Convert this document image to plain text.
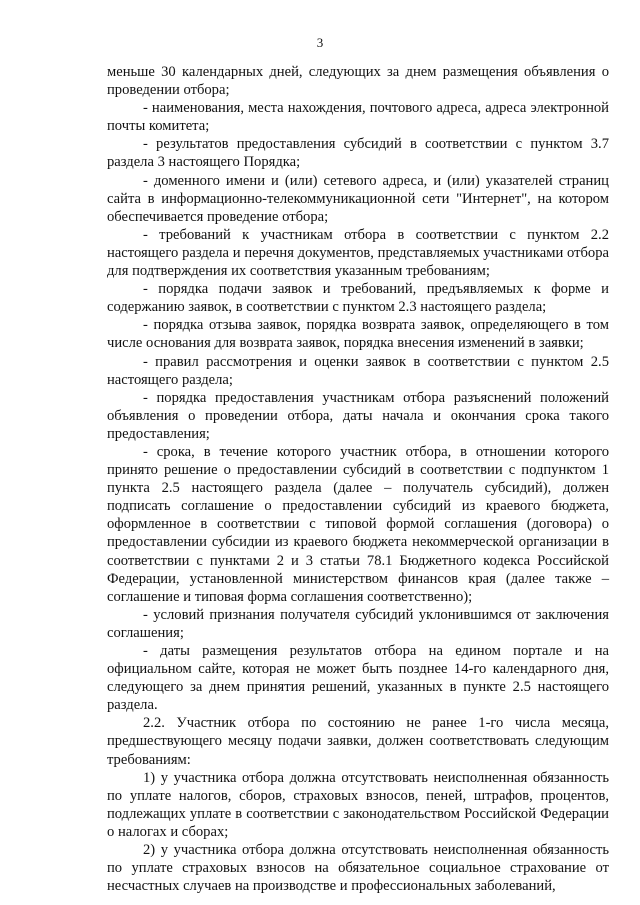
3

меньше 30 календарных дней, следующих за днем размещения объявления о проведении отбора;

- наименования, места нахождения, почтового адреса, адреса электронной почты комитета;

- результатов предоставления субсидий в соответствии с пунктом 3.7 раздела 3 настоящего Порядка;

- доменного имени и (или) сетевого адреса, и (или) указателей страниц сайта в информационно-телекоммуникационной сети "Интернет", на котором обеспечивается проведение отбора;

- требований к участникам отбора в соответствии с пунктом 2.2 настоящего раздела и перечня документов, представляемых участниками отбора для подтверждения их соответствия указанным требованиям;

- порядка подачи заявок и требований, предъявляемых к форме и содержанию заявок, в соответствии с пунктом 2.3 настоящего раздела;

- порядка отзыва заявок, порядка возврата заявок, определяющего в том числе основания для возврата заявок, порядка внесения изменений в заявки;

- правил рассмотрения и оценки заявок в соответствии с пунктом 2.5 настоящего раздела;

- порядка предоставления участникам отбора разъяснений положений объявления о проведении отбора, даты начала и окончания срока такого предоставления;

- срока, в течение которого участник отбора, в отношении которого принято решение о предоставлении субсидий в соответствии с подпунктом 1 пункта 2.5 настоящего раздела (далее – получатель субсидий), должен подписать соглашение о предоставлении субсидий из краевого бюджета, оформленное в соответствии с типовой формой соглашения (договора) о предоставлении субсидии из краевого бюджета некоммерческой организации в соответствии с пунктами 2 и 3 статьи 78.1 Бюджетного кодекса Российской Федерации, установленной министерством финансов края (далее также – соглашение и типовая форма соглашения соответственно);

- условий признания получателя субсидий уклонившимся от заключения соглашения;

- даты размещения результатов отбора на едином портале и на официальном сайте, которая не может быть позднее 14-го календарного дня, следующего за днем принятия решений, указанных в пункте 2.5 настоящего раздела.

2.2. Участник отбора по состоянию не ранее 1-го числа месяца, предшествующего месяцу подачи заявки, должен соответствовать следующим требованиям:

1) у участника отбора должна отсутствовать неисполненная обязанность по уплате налогов, сборов, страховых взносов, пеней, штрафов, процентов, подлежащих уплате в соответствии с законодательством Российской Федерации о налогах и сборах;

2) у участника отбора должна отсутствовать неисполненная обязанность по уплате страховых взносов на обязательное социальное страхование от несчастных случаев на производстве и профессиональных заболеваний,
